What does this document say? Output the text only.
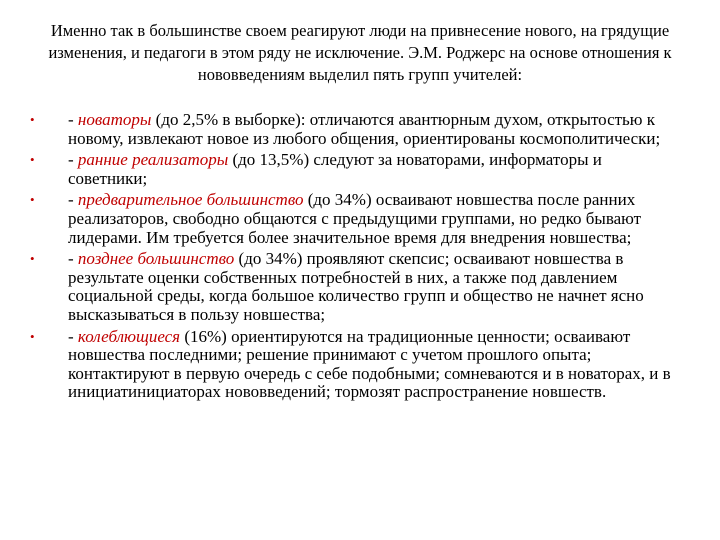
Именно так в большинстве своем реагируют люди на привнесение нового, на грядущие изменения, и педагоги в этом ряду не исключение. Э.М. Роджерс на основе отношения к нововведениям выделил пять групп учителей:
•	- новаторы (до 2,5% в выборке): отличаются авантюрным духом, открытостью к новому, извлекают новое из любого общения, ориентированы космополитически;
•	- ранние реализаторы (до 13,5%) следуют за новаторами, информаторы и советники;
•	- предварительное большинство (до 34%) осваивают новшества после ранних реализаторов, свободно общаются с предыдущими группами, но редко бывают лидерами. Им требуется более значительное время для внедрения новшества;
•	- позднее большинство (до 34%) проявляют скепсис; осваивают новшества в результате оценки собственных потребностей в них, а также под давлением социальной среды, когда большое количество групп и общество не начнет ясно высказываться в пользу новшества;
•	- колеблющиеся (16%) ориентируются на традиционные ценности; осваивают новшества последними; решение принимают с учетом прошлого опыта; контактируют в первую очередь с себе подобными; сомневаются и в новаторах, и в инициатинициаторах нововведений; тормозят распространение новшеств.
